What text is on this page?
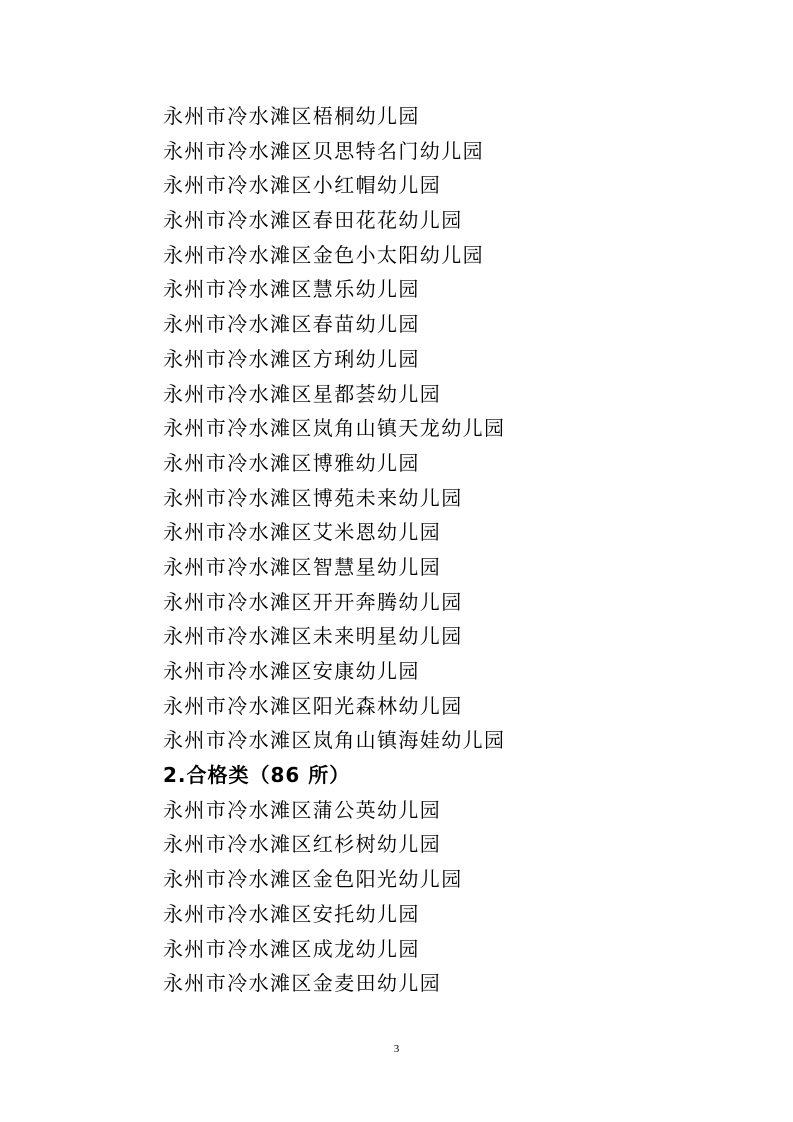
永州市冷水滩区梧桐幼儿园
永州市冷水滩区贝思特名门幼儿园
永州市冷水滩区小红帽幼儿园
永州市冷水滩区春田花花幼儿园
永州市冷水滩区金色小太阳幼儿园
永州市冷水滩区慧乐幼儿园
永州市冷水滩区春苗幼儿园
永州市冷水滩区方琍幼儿园
永州市冷水滩区星都荟幼儿园
永州市冷水滩区岚角山镇天龙幼儿园
永州市冷水滩区博雅幼儿园
永州市冷水滩区博苑未来幼儿园
永州市冷水滩区艾米恩幼儿园
永州市冷水滩区智慧星幼儿园
永州市冷水滩区开开奔腾幼儿园
永州市冷水滩区未来明星幼儿园
永州市冷水滩区安康幼儿园
永州市冷水滩区阳光森林幼儿园
永州市冷水滩区岚角山镇海娃幼儿园
2.合格类（86 所）
永州市冷水滩区蒲公英幼儿园
永州市冷水滩区红杉树幼儿园
永州市冷水滩区金色阳光幼儿园
永州市冷水滩区安托幼儿园
永州市冷水滩区成龙幼儿园
永州市冷水滩区金麦田幼儿园
3
